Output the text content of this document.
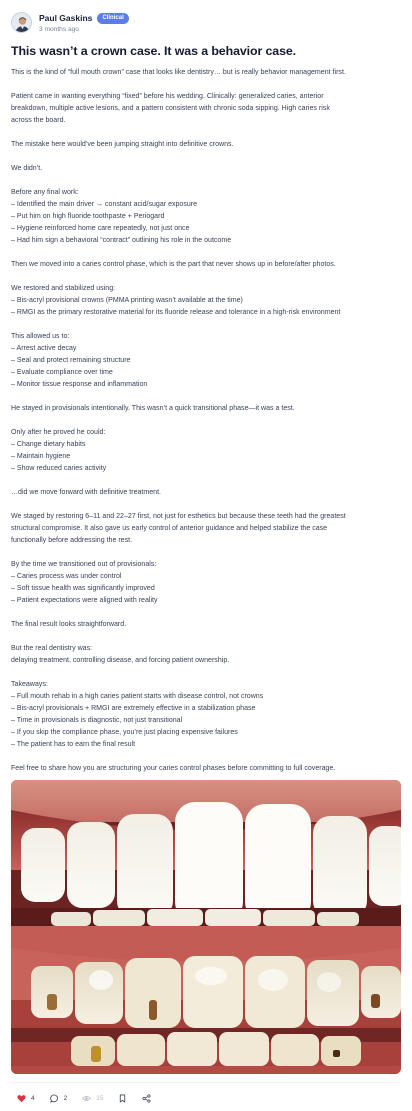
Paul Gaskins	Clinical
3 months ago
This wasn’t a crown case. It was a behavior case.

This is the kind of “full mouth crown” case that looks like dentistry… but is really behavior management first.

Patient came in wanting everything “fixed” before his wedding. Clinically: generalized caries, anterior
breakdown, multiple active lesions, and a pattern consistent with chronic soda sipping. High caries risk
across the board.

The mistake here would’ve been jumping straight into definitive crowns.

We didn’t.

Before any final work:
– Identified the main driver → constant acid/sugar exposure
– Put him on high fluoride toothpaste + Periogard
– Hygiene reinforced home care repeatedly, not just once
– Had him sign a behavioral “contract” outlining his role in the outcome

Then we moved into a caries control phase, which is the part that never shows up in before/after photos.

We restored and stabilized using:
– Bis-acryl provisional crowns (PMMA printing wasn’t available at the time)
– RMGI as the primary restorative material for its fluoride release and tolerance in a high-risk environment

This allowed us to:
– Arrest active decay
– Seal and protect remaining structure
– Evaluate compliance over time
– Monitor tissue response and inflammation

He stayed in provisionals intentionally. This wasn’t a quick transitional phase—it was a test.

Only after he proved he could:
– Change dietary habits
– Maintain hygiene
– Show reduced caries activity

…did we move forward with definitive treatment.

We staged by restoring 6–11 and 22–27 first, not just for esthetics but because these teeth had the greatest
structural compromise. It also gave us early control of anterior guidance and helped stabilize the case
functionally before addressing the rest.

By the time we transitioned out of provisionals:
– Caries process was under control
– Soft tissue health was significantly improved
– Patient expectations were aligned with reality

The final result looks straightforward.

But the real dentistry was:
delaying treatment, controlling disease, and forcing patient ownership.

Takeaways:
– Full mouth rehab in a high caries patient starts with disease control, not crowns
– Bis-acryl provisionals + RMGI are extremely effective in a stabilization phase
– Time in provisionals is diagnostic, not just transitional
– If you skip the compliance phase, you’re just placing expensive failures
– The patient has to earn the final result

Feel free to share how you are structuring your caries control phases before committing to full coverage.

4	2	15
